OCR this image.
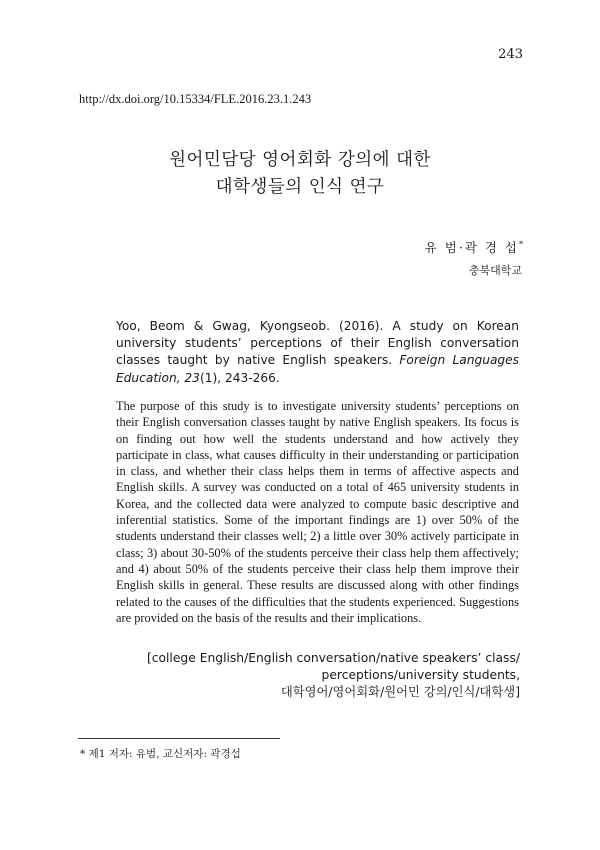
243
http://dx.doi.org/10.15334/FLE.2016.23.1.243
원어민담당 영어회화 강의에 대한
대학생들의 인식 연구
유 범·곽 경 섭*
충북대학교
Yoo, Beom & Gwag, Kyongseob. (2016). A study on Korean university students’ perceptions of their English conversation classes taught by native English speakers. Foreign Languages Education, 23(1), 243-266.
The purpose of this study is to investigate university students’ perceptions on their English conversation classes taught by native English speakers. Its focus is on finding out how well the students understand and how actively they participate in class, what causes difficulty in their understanding or participation in class, and whether their class helps them in terms of affective aspects and English skills. A survey was conducted on a total of 465 university students in Korea, and the collected data were analyzed to compute basic descriptive and inferential statistics. Some of the important findings are 1) over 50% of the students understand their classes well; 2) a little over 30% actively participate in class; 3) about 30-50% of the students perceive their class help them affectively; and 4) about 50% of the students perceive their class help them improve their English skills in general. These results are discussed along with other findings related to the causes of the difficulties that the students experienced. Suggestions are provided on the basis of the results and their implications.
[college English/English conversation/native speakers’ class/
perceptions/university students,
대학영어/영어회화/원어민 강의/인식/대학생]
* 제1 저자: 유범, 교신저자: 곽경섭
